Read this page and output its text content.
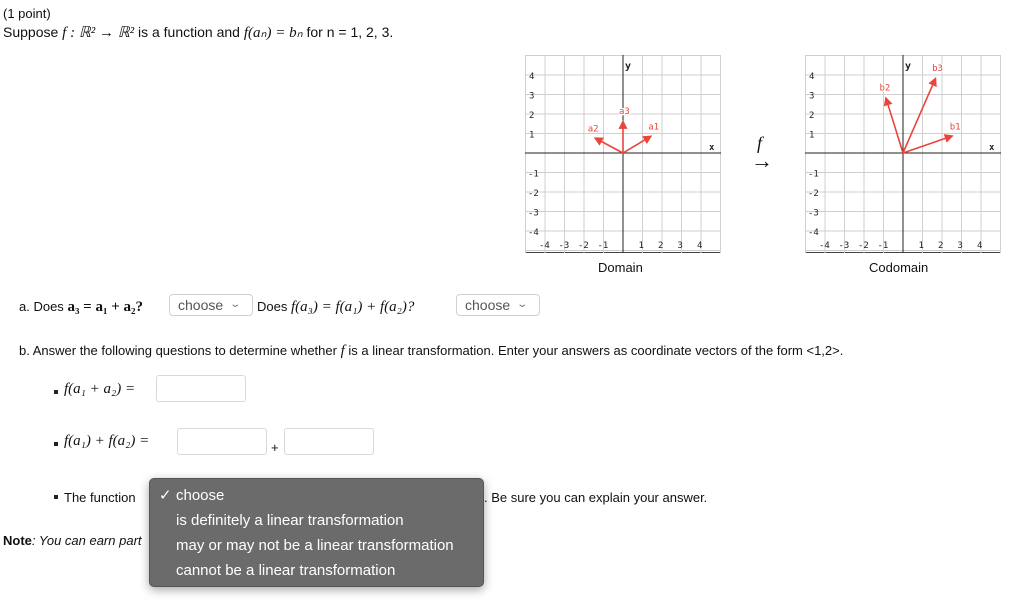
(1 point)
Suppose f : ℝ² → ℝ² is a function and f(aₙ) = bₙ for n = 1, 2, 3.
1
-1
1
-1
2
-2
2
-2
3
-3
3
-3
4
-4
4
-4
x
y
a1
a2
a3
Domain
f
→
1
-1
1
-1
2
-2
2
-2
3
-3
3
-3
4
-4
4
-4
x
y
b1
b2
b3
Codomain
a. Does a₃ = a₁ + a₂? choose ⌄ Does f(a₃) = f(a₁) + f(a₂)?	choose ⌄
b. Answer the following questions to determine whether f is a linear transformation. Enter your answers as coordinate vectors of the form <1,2>.
f(a₁ + a₂) =
f(a₁) + f(a₂) =	+
The function	. Be sure you can explain your answer.
Note: You can earn part
✓ choose
is definitely a linear transformation
may or may not be a linear transformation
cannot be a linear transformation
